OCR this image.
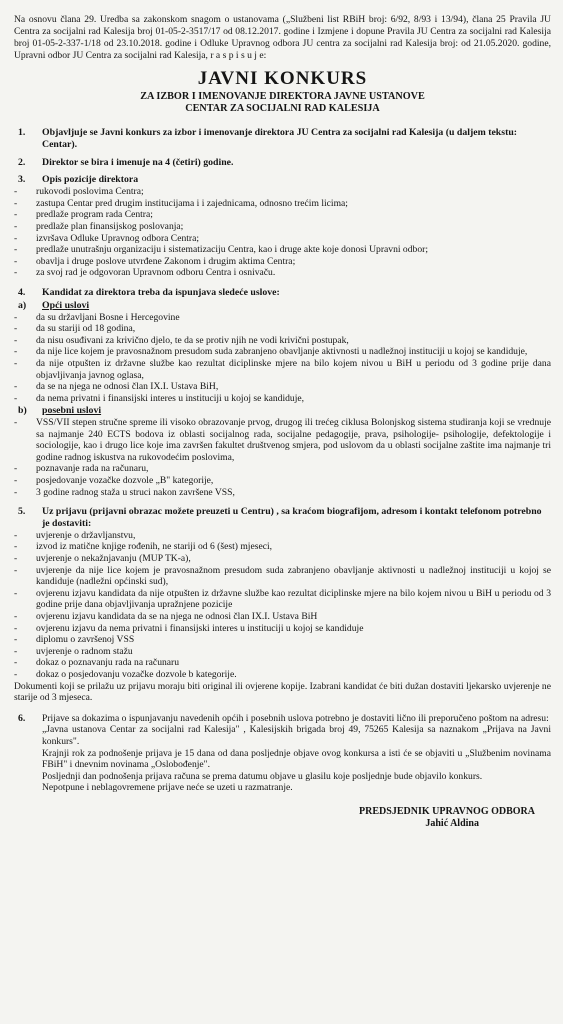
Na osnovu člana 29. Uredba sa zakonskom snagom o ustanovama („Službeni list RBiH broj: 6/92, 8/93 i 13/94), člana 25 Pravila JU Centra za socijalni rad Kalesija broj 01-05-2-3517/17 od 08.12.2017. godine i Izmjene i dopune Pravila JU Centra za socijalni rad Kalesija broj 01-05-2-337-1/18 od 23.10.2018. godine i Odluke Upravnog odbora JU centra za socijalni rad Kalesija broj: od 21.05.2020. godine, Upravni odbor JU Centra za socijalni rad Kalesija, r a s p i s u j e:

JAVNI KONKURS
ZA IZBOR I IMENOVANJE DIREKTORA JAVNE USTANOVE
CENTAR ZA SOCIJALNI RAD KALESIJA
1. Objavljuje se Javni konkurs za izbor i imenovanje direktora JU Centra za socijalni rad Kalesija (u daljem tekstu: Centar).
2. Direktor se bira i imenuje na 4 (četiri) godine.
3. Opis pozicije direktora
- rukovodi poslovima Centra;
- zastupa Centar pred drugim institucijama i i zajednicama, odnosno trećim licima;
- predlaže program rada Centra;
- predlaže plan finansijskog poslovanja;
- izvršava Odluke Upravnog odbora Centra;
- predlaže unutrašnju organizaciju i sistematizaciju Centra, kao i druge akte koje donosi Upravni odbor;
- obavlja i druge poslove utvrđene Zakonom i drugim aktima Centra;
- za svoj rad je odgovoran Upravnom odboru Centra i osnivaču.
4. Kandidat za direktora treba da ispunjava sledeće uslove:
a) Opći uslovi
- da su državljani Bosne i Hercegovine
- da su stariji od 18 godina,
- da nisu osuđivani za krivično djelo, te da se protiv njih ne vodi krivični postupak,
- da nije lice kojem je pravosnažnom presudom suda zabranjeno obavljanje aktivnosti u nadležnoj instituciji u kojoj se kandiduje,
- da nije otpušten iz državne službe kao rezultat diciplinske mjere na bilo kojem nivou u BiH u periodu od 3 godine prije dana objavljivanja javnog oglasa,
- da se na njega ne odnosi član IX.I. Ustava BiH,
- da nema privatni i finansijski interes u instituciji u kojoj se kandiduje,
b) posebni uslovi
- VSS/VII stepen stručne spreme ili visoko obrazovanje prvog, drugog ili trećeg ciklusa Bolonjskog sistema studiranja koji se vrednuje sa najmanje 240 ECTS bodova iz oblasti socijalnog rada, socijalne pedagogije, prava, psihologije- psihologije, defektologije i sociologije, kao i drugo lice koje ima završen fakultet društvenog smjera, pod uslovom da u oblasti socijalne zaštite ima najmanje tri godine radnog iskustva na rukovodećim poslovima,
- poznavanje rada na računaru,
- posjedovanje vozačke dozvole „B" kategorije,
- 3 godine radnog staža u struci nakon završene VSS,
5. Uz prijavu (prijavni obrazac možete preuzeti u Centru) , sa kraćom biografijom, adresom i kontakt telefonom potrebno je dostaviti:
- uvjerenje o državljanstvu,
- izvod iz matične knjige rođenih, ne stariji od 6 (šest) mjeseci,
- uvjerenje o nekažnjavanju (MUP TK-a),
- uvjerenje da nije lice kojem je pravosnažnom presudom suda zabranjeno obavljanje aktivnosti u nadležnoj instituciji u kojoj se kandiduje (nadležni općinski sud),
- ovjerenu izjavu kandidata da nije otpušten iz državne službe kao rezultat diciplinske mjere na bilo kojem nivou u BiH u periodu od 3 godine prije dana objavljivanja upražnjene pozicije
- ovjerenu izjavu kandidata da se na njega ne odnosi član IX.I. Ustava BiH
- ovjerenu izjavu da nema privatni i finansijski interes u instituciji u kojoj se kandiduje
- diplomu o završenoj VSS
- uvjerenje o radnom stažu
- dokaz o poznavanju rada na računaru
- dokaz o posjedovanju vozačke dozvole b kategorije.
Dokumenti koji se prilažu uz prijavu moraju biti original ili ovjerene kopije. Izabrani kandidat će biti dužan dostaviti ljekarsko uvjerenje ne starije od 3 mjeseca.
6. Prijave sa dokazima o ispunjavanju navedenih općih i posebnih uslova potrebno je dostaviti lično ili preporučeno poštom na adresu:
„Javna ustanova Centar za socijalni rad Kalesija" , Kalesijskih brigada broj 49, 75265 Kalesija sa naznakom „Prijava na Javni konkurs".
Krajnji rok za podnošenje prijava je 15 dana od dana posljednje objave ovog konkursa a isti će se objaviti u „Službenim novinama FBiH" i dnevnim novinama „Oslobođenje".
Posljednji dan podnošenja prijava računa se prema datumu objave u glasilu koje posljednje bude objavilo konkurs.
Nepotpune i neblagovremene prijave neće se uzeti u razmatranje.
PREDSJEDNIK UPRAVNOG ODBORA
Jahić Aldina
